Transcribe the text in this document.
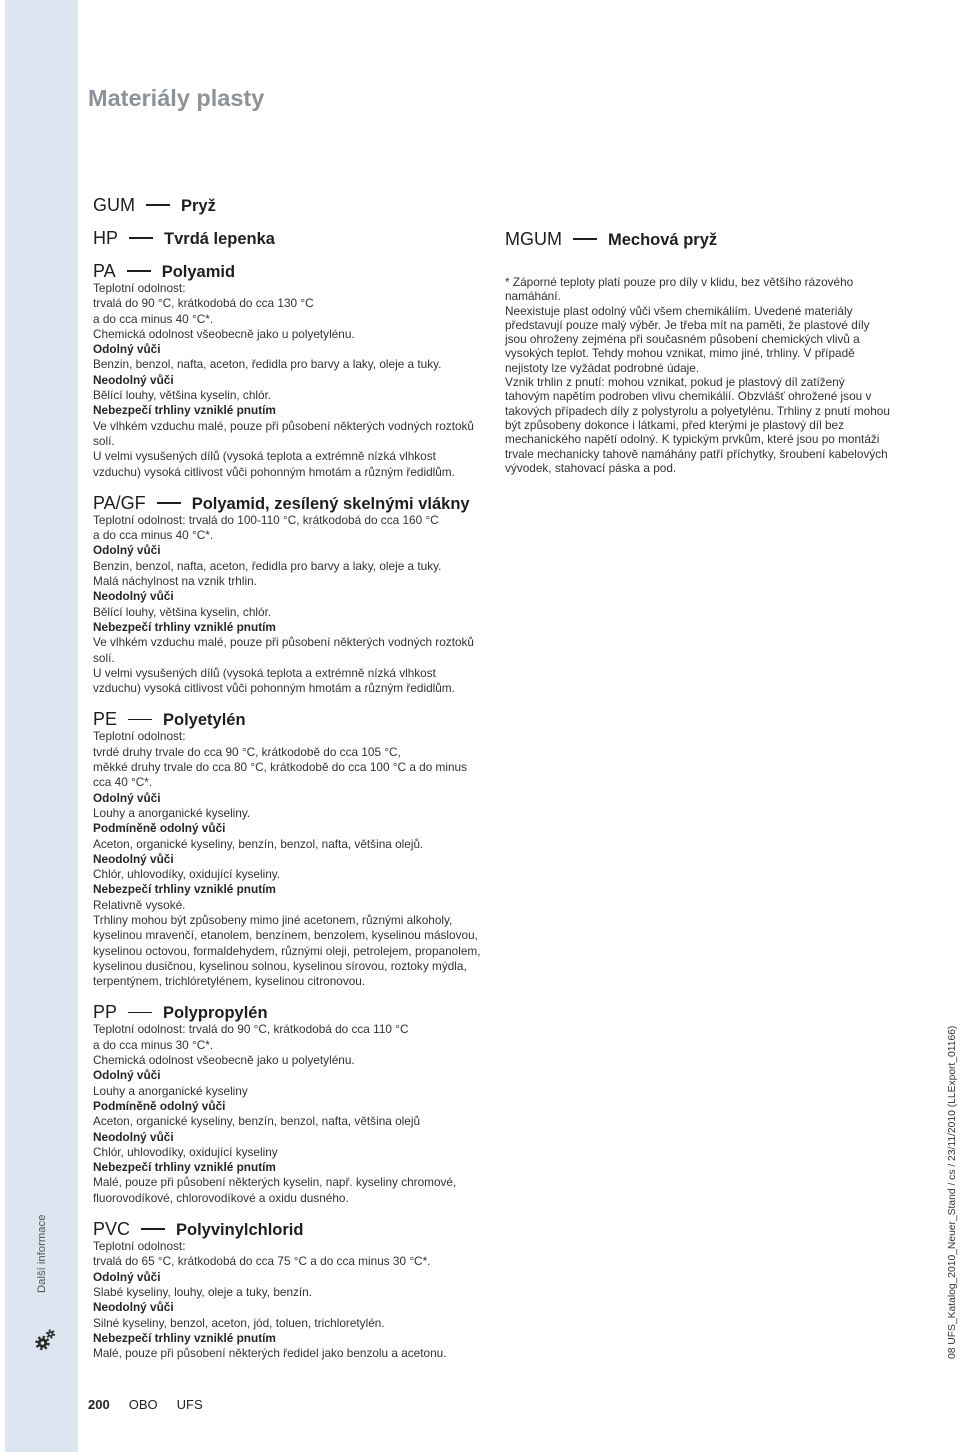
Materiály plasty
GUM	Pryž
HP	Tvrdá lepenka
PA	Polyamid

Teplotní odolnost:

trvalá do 90 °C, krátkodobá do cca 130 °C

a do cca minus 40 °C*.

Chemická odolnost všeobecně jako u polyetylénu.

Odolný vůči

Benzin, benzol, nafta, aceton, ředidla pro barvy a laky, oleje a tuky.

Neodolný vůči

Bělící louhy, většina kyselin, chlór.

Nebezpečí trhliny vzniklé pnutím

Ve vlhkém vzduchu malé, pouze při působení některých vodných roztoků solí.

U velmi vysušených dílů (vysoká teplota a extrémně nízká vlhkost vzduchu) vysoká citlivost vůči pohonným hmotám a různým ředidlům.

PA/GF	Polyamid, zesílený skelnými vlákny

Teplotní odolnost: trvalá do 100-110 °C, krátkodobá do cca 160 °C

a do cca minus 40 °C*.

Odolný vůči

Benzin, benzol, nafta, aceton, ředidla pro barvy a laky, oleje a tuky.

Malá náchylnost na vznik trhlin.

Neodolný vůči

Bělící louhy, většina kyselin, chlór.

Nebezpečí trhliny vzniklé pnutím

Ve vlhkém vzduchu malé, pouze při působení některých vodných roztoků solí.

U velmi vysušených dílů (vysoká teplota a extrémně nízká vlhkost vzduchu) vysoká citlivost vůči pohonným hmotám a různým ředidlům.

PE	Polyetylén

Teplotní odolnost:

tvrdé druhy trvale do cca 90 °C, krátkodobě do cca 105 °C,

měkké druhy trvale do cca 80 °C, krátkodobě do cca 100 °C a do minus cca 40 °C*.

Odolný vůči

Louhy a anorganické kyseliny.

Podmíněně odolný vůči

Aceton, organické kyseliny, benzín, benzol, nafta, většina olejů.

Neodolný vůči

Chlór, uhlovodíky, oxidující kyseliny.

Nebezpečí trhliny vzniklé pnutím

Relativně vysoké.

Trhliny mohou být způsobeny mimo jiné acetonem, různými alkoholy, kyselinou mravenčí, etanolem, benzínem, benzolem, kyselinou máslovou, kyselinou octovou, formaldehydem, různými oleji, petrolejem, propanolem, kyselinou dusičnou, kyselinou solnou, kyselinou sírovou, roztoky mýdla, terpentýnem, trichlóretylénem, kyselinou citronovou.

PP	Polypropylén

Teplotní odolnost: trvalá do 90 °C, krátkodobá do cca 110 °C

a do cca minus 30 °C*.

Chemická odolnost všeobecně jako u polyetylénu.

Odolný vůči

Louhy a anorganické kyseliny

Podmíněně odolný vůči

Aceton, organické kyseliny, benzín, benzol, nafta, většina olejů

Neodolný vůči

Chlór, uhlovodíky, oxidující kyseliny

Nebezpečí trhliny vzniklé pnutím

Malé, pouze při působení některých kyselin, např. kyseliny chromové, fluorovodíkové, chlorovodíkové a oxidu dusného.

PVC	Polyvinylchlorid

Teplotní odolnost:

trvalá do 65 °C, krátkodobá do cca 75 °C a do cca minus 30 °C*.

Odolný vůči

Slabé kyseliny, louhy, oleje a tuky, benzín.

Neodolný vůči

Silné kyseliny, benzol, aceton, jód, toluen, trichloretylén.

Nebezpečí trhliny vzniklé pnutím

Malé, pouze při působení některých ředidel jako benzolu a acetonu.

MGUM	Mechová pryž

* Záporné teploty platí pouze pro díly v klidu, bez většího rázového namáhání.

Neexistuje plast odolný vůči všem chemikáliím. Uvedené materiály představují pouze malý výběr. Je třeba mít na paměti, že plastové díly jsou ohroženy zejména při současném působení chemických vlivů a vysokých teplot. Tehdy mohou vznikat, mimo jiné, trhliny. V případě nejistoty lze vyžádat podrobné údaje.

Vznik trhlin z pnutí: mohou vznikat, pokud je plastový díl zatížený tahovým napětím podroben vlivu chemikálií. Obzvlášť ohrožené jsou v takových případech díly z polystyrolu a polyetylénu. Trhliny z pnutí mohou být způsobeny dokonce i látkami, před kterými je plastový díl bez mechanického napětí odolný. K typickým prvkům, které jsou po montáži trvale mechanicky tahově namáhány patří příchytky, šroubení kabelových vývodek, stahovací páska a pod.

Další informace	08 UFS_Katalog_2010_Neuer_Stand / cs / 23/11/2010 (LLExport_01166)
200 OBO UFS
